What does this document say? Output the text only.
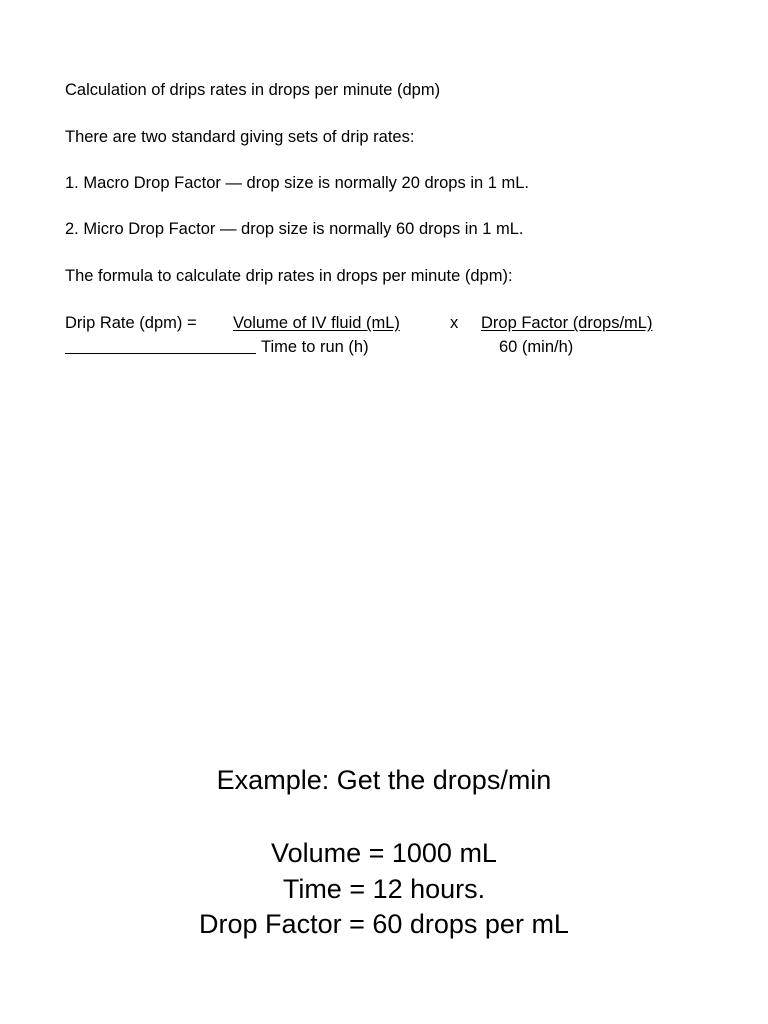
Calculation of drips rates in drops per minute (dpm)
There are two standard giving sets of drip rates:
1. Macro Drop Factor — drop size is normally 20 drops in 1 mL.
2. Micro Drop Factor — drop size is normally 60 drops in 1 mL.
The formula to calculate drip rates in drops per minute (dpm):
Drip Rate (dpm) = Volume of IV fluid (mL)	x Drop Factor (drops/mL)
Time to run (h)	60 (min/h)
Example: Get the drops/min
Volume = 1000 mL
Time = 12 hours.
Drop Factor = 60 drops per mL
